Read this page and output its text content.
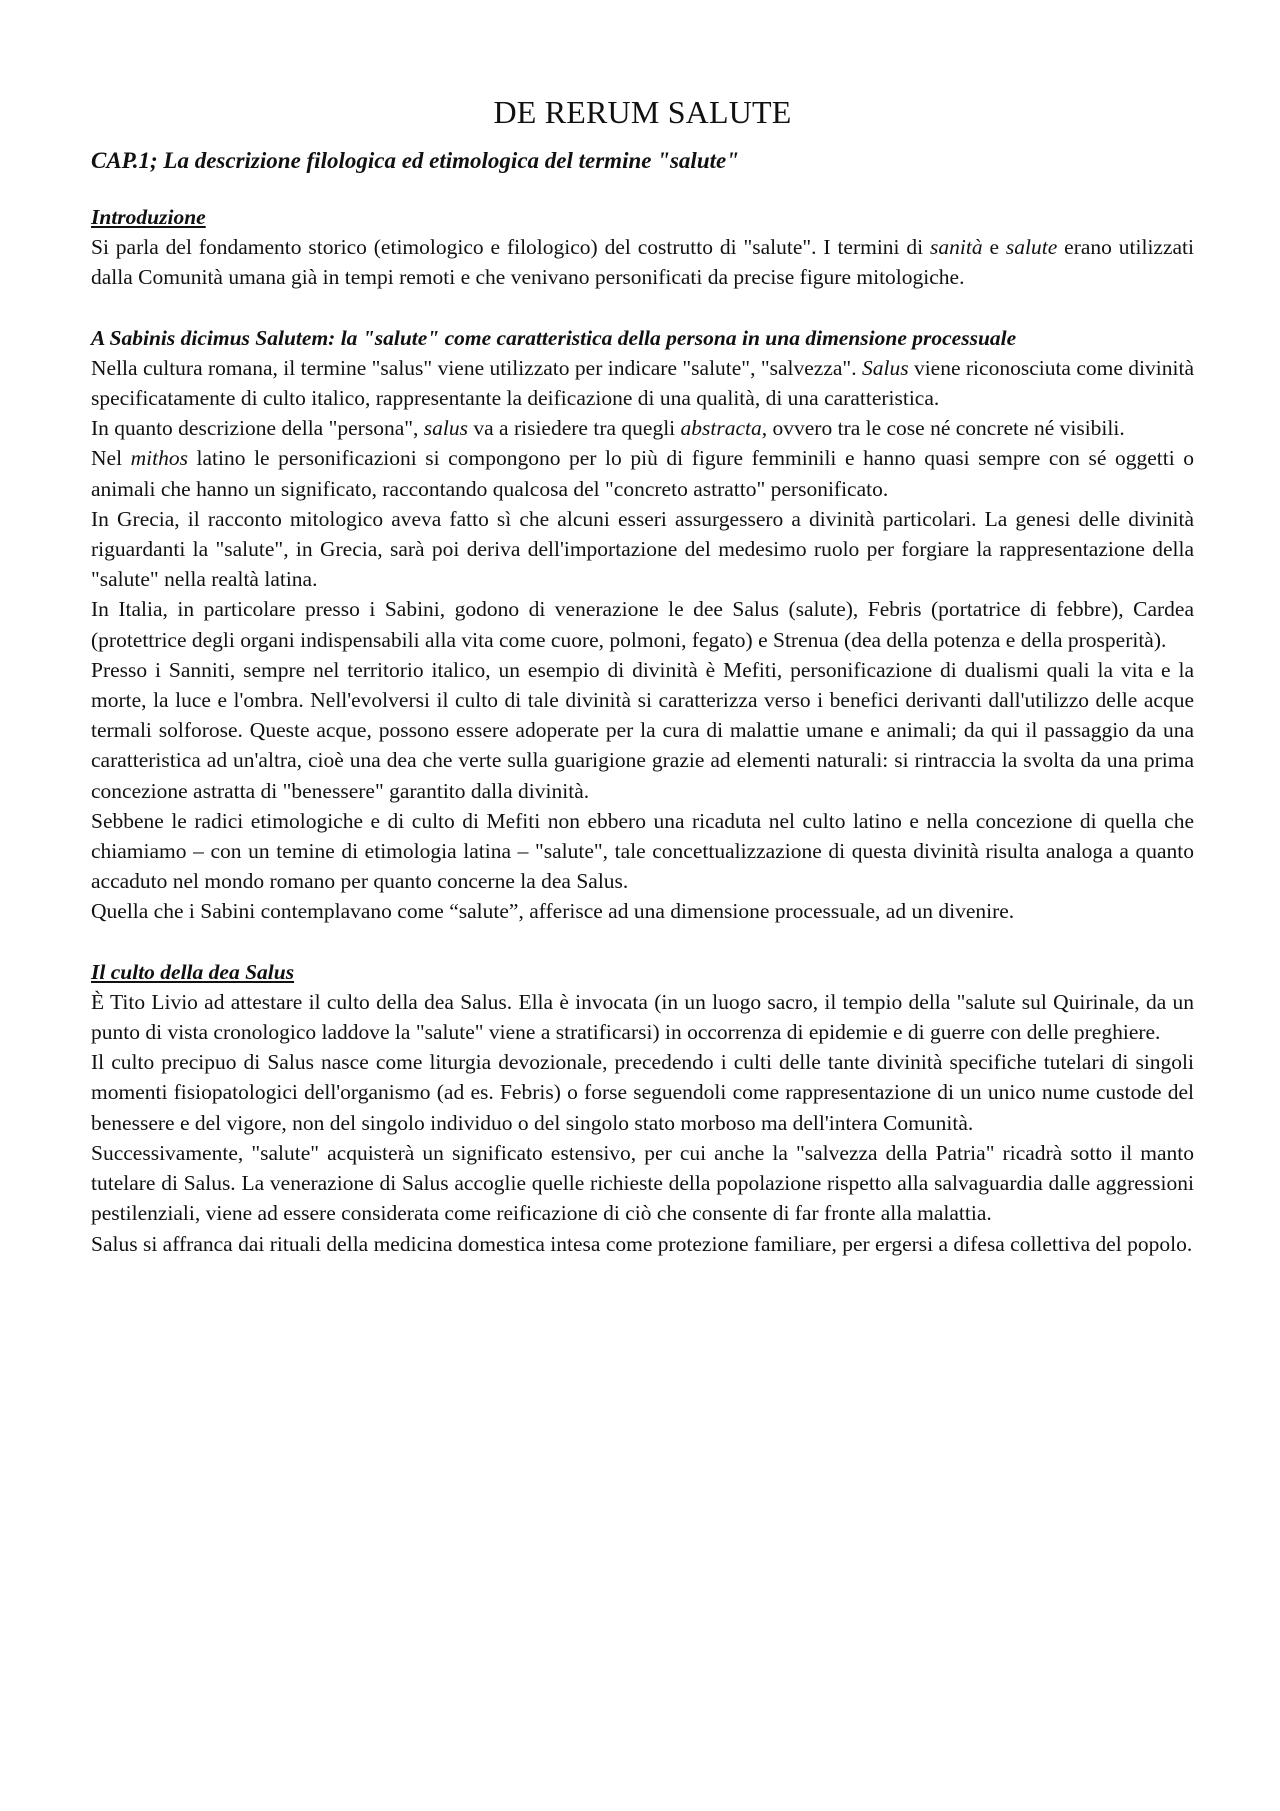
DE RERUM SALUTE

CAP.1; La descrizione filologica ed etimologica del termine "salute"

Introduzione

Si parla del fondamento storico (etimologico e filologico) del costrutto di "salute". I termini di sanità e salute erano utilizzati dalla Comunità umana già in tempi remoti e che venivano personificati da precise figure mitologiche.

A Sabinis dicimus Salutem: la "salute" come caratteristica della persona in una dimensione processuale

Nella cultura romana, il termine "salus" viene utilizzato per indicare "salute", "salvezza". Salus viene riconosciuta come divinità specificatamente di culto italico, rappresentante la deificazione di una qualità, di una caratteristica.

In quanto descrizione della "persona", salus va a risiedere tra quegli abstracta, ovvero tra le cose né concrete né visibili.

Nel mithos latino le personificazioni si compongono per lo più di figure femminili e hanno quasi sempre con sé oggetti o animali che hanno un significato, raccontando qualcosa del "concreto astratto" personificato.

In Grecia, il racconto mitologico aveva fatto sì che alcuni esseri assurgessero a divinità particolari. La genesi delle divinità riguardanti la "salute", in Grecia, sarà poi deriva dell'importazione del medesimo ruolo per forgiare la rappresentazione della "salute" nella realtà latina.

In Italia, in particolare presso i Sabini, godono di venerazione le dee Salus (salute), Febris (portatrice di febbre), Cardea (protettrice degli organi indispensabili alla vita come cuore, polmoni, fegato) e Strenua (dea della potenza e della prosperità).

Presso i Sanniti, sempre nel territorio italico, un esempio di divinità è Mefiti, personificazione di dualismi quali la vita e la morte, la luce e l'ombra. Nell'evolversi il culto di tale divinità si caratterizza verso i benefici derivanti dall'utilizzo delle acque termali solforose. Queste acque, possono essere adoperate per la cura di malattie umane e animali; da qui il passaggio da una caratteristica ad un'altra, cioè una dea che verte sulla guarigione grazie ad elementi naturali: si rintraccia la svolta da una prima concezione astratta di "benessere" garantito dalla divinità.

Sebbene le radici etimologiche e di culto di Mefiti non ebbero una ricaduta nel culto latino e nella concezione di quella che chiamiamo – con un temine di etimologia latina – "salute", tale concettualizzazione di questa divinità risulta analoga a quanto accaduto nel mondo romano per quanto concerne la dea Salus.

Quella che i Sabini contemplavano come “salute”, afferisce ad una dimensione processuale, ad un divenire.

Il culto della dea Salus

È Tito Livio ad attestare il culto della dea Salus. Ella è invocata (in un luogo sacro, il tempio della "salute sul Quirinale, da un punto di vista cronologico laddove la "salute" viene a stratificarsi) in occorrenza di epidemie e di guerre con delle preghiere.

Il culto precipuo di Salus nasce come liturgia devozionale, precedendo i culti delle tante divinità specifiche tutelari di singoli momenti fisiopatologici dell'organismo (ad es. Febris) o forse seguendoli come rappresentazione di un unico nume custode del benessere e del vigore, non del singolo individuo o del singolo stato morboso ma dell'intera Comunità.

Successivamente, "salute" acquisterà un significato estensivo, per cui anche la "salvezza della Patria" ricadrà sotto il manto tutelare di Salus. La venerazione di Salus accoglie quelle richieste della popolazione rispetto alla salvaguardia dalle aggressioni pestilenziali, viene ad essere considerata come reificazione di ciò che consente di far fronte alla malattia.

Salus si affranca dai rituali della medicina domestica intesa come protezione familiare, per ergersi a difesa collettiva del popolo.
